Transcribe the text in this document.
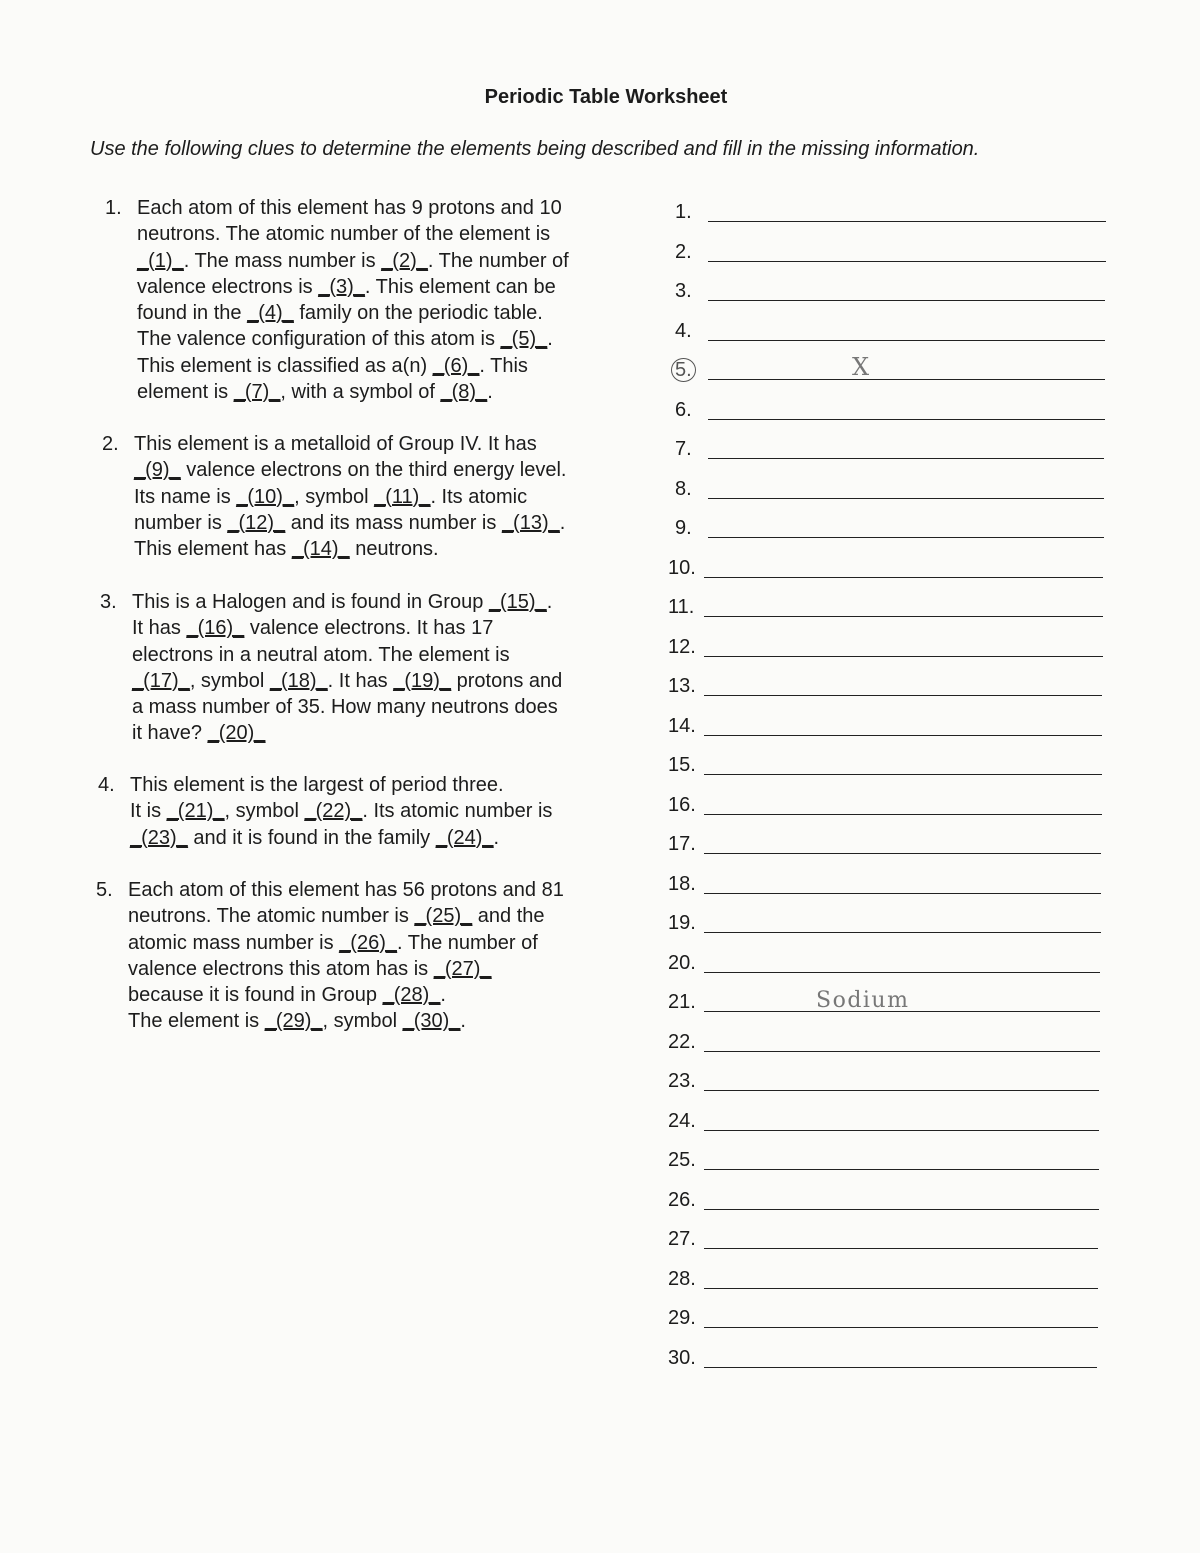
Periodic Table Worksheet
Use the following clues to determine the elements being described and fill in the missing information.
1. Each atom of this element has 9 protons and 10
neutrons. The atomic number of the element is
_(1)_. The mass number is _(2)_. The number of
valence electrons is _(3)_. This element can be
found in the _(4)_ family on the periodic table.
The valence configuration of this atom is _(5)_.
This element is classified as a(n) _(6)_. This
element is _(7)_, with a symbol of _(8)_.
2. This element is a metalloid of Group IV. It has
_(9)_ valence electrons on the third energy level.
Its name is _(10)_, symbol _(11)_. Its atomic
number is _(12)_ and its mass number is _(13)_.
This element has _(14)_ neutrons.
3. This is a Halogen and is found in Group _(15)_.
It has _(16)_ valence electrons. It has 17
electrons in a neutral atom. The element is
_(17)_, symbol _(18)_. It has _(19)_ protons and
a mass number of 35. How many neutrons does
it have? _(20)_
4. This element is the largest of period three.
It is _(21)_, symbol _(22)_. Its atomic number is
_(23)_ and it is found in the family _(24)_.
5. Each atom of this element has 56 protons and 81
neutrons. The atomic number is _(25)_ and the
atomic mass number is _(26)_. The number of
valence electrons this atom has is _(27)_
because it is found in Group _(28)_.
The element is _(29)_, symbol _(30)_.
1.
2.
3.
4.
5.	X
6.
7.
8.
9.
10.
11.
12.
13.
14.
15.
16.
17.
18.
19.
20.
21.	Sodium
22.
23.
24.
25.
26.
27.
28.
29.
30.
